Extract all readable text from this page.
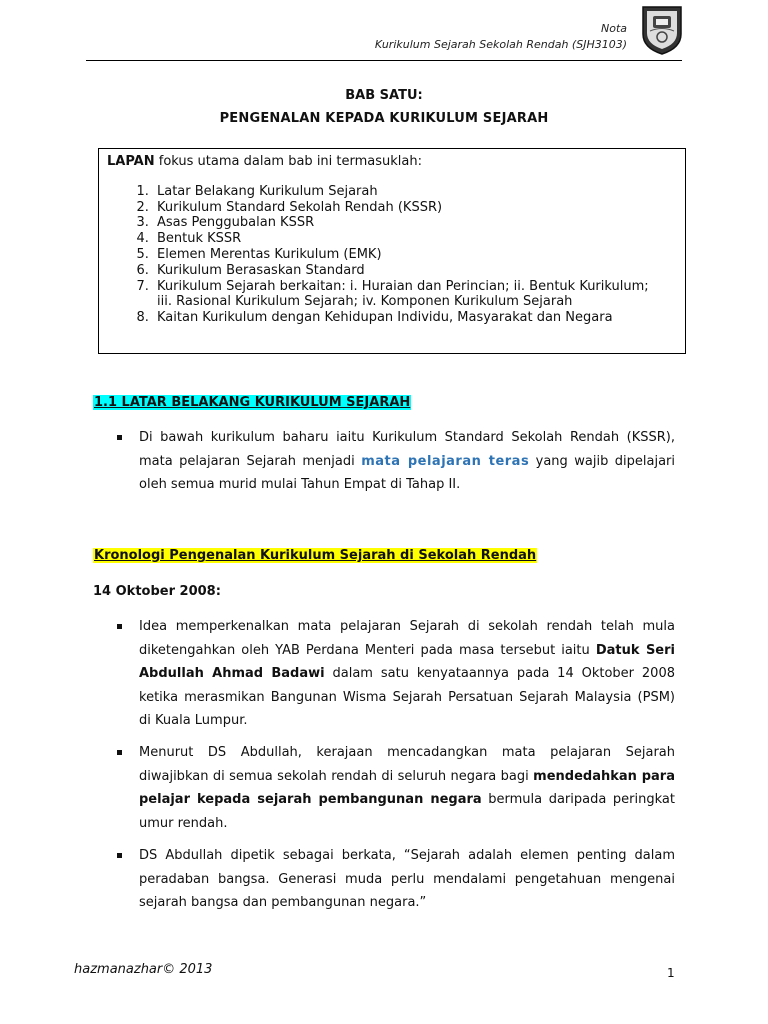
Nota
Kurikulum Sejarah Sekolah Rendah (SJH3103)
BAB SATU:
PENGENALAN KEPADA KURIKULUM SEJARAH

LAPAN fokus utama dalam bab ini termasuklah:

1. Latar Belakang Kurikulum Sejarah
2. Kurikulum Standard Sekolah Rendah (KSSR)
3. Asas Penggubalan KSSR
4. Bentuk KSSR
5. Elemen Merentas Kurikulum (EMK)
6. Kurikulum Berasaskan Standard
7. Kurikulum Sejarah berkaitan: i. Huraian dan Perincian; ii. Bentuk Kurikulum;
iii. Rasional Kurikulum Sejarah; iv. Komponen Kurikulum Sejarah
8. Kaitan Kurikulum dengan Kehidupan Individu, Masyarakat dan Negara
1.1 LATAR BELAKANG KURIKULUM SEJARAH
Di bawah kurikulum baharu iaitu Kurikulum Standard Sekolah Rendah (KSSR), mata pelajaran Sejarah menjadi mata pelajaran teras yang wajib dipelajari oleh semua murid mulai Tahun Empat di Tahap II.
Kronologi Pengenalan Kurikulum Sejarah di Sekolah Rendah
14 Oktober 2008:
Idea memperkenalkan mata pelajaran Sejarah di sekolah rendah telah mula diketengahkan oleh YAB Perdana Menteri pada masa tersebut iaitu Datuk Seri Abdullah Ahmad Badawi dalam satu kenyataannya pada 14 Oktober 2008 ketika merasmikan Bangunan Wisma Sejarah Persatuan Sejarah Malaysia (PSM) di Kuala Lumpur.
Menurut DS Abdullah, kerajaan mencadangkan mata pelajaran Sejarah diwajibkan di semua sekolah rendah di seluruh negara bagi mendedahkan para pelajar kepada sejarah pembangunan negara bermula daripada peringkat umur rendah.
DS Abdullah dipetik sebagai berkata, “Sejarah adalah elemen penting dalam peradaban bangsa. Generasi muda perlu mendalami pengetahuan mengenai sejarah bangsa dan pembangunan negara.”
hazmanazhar© 2013	1
